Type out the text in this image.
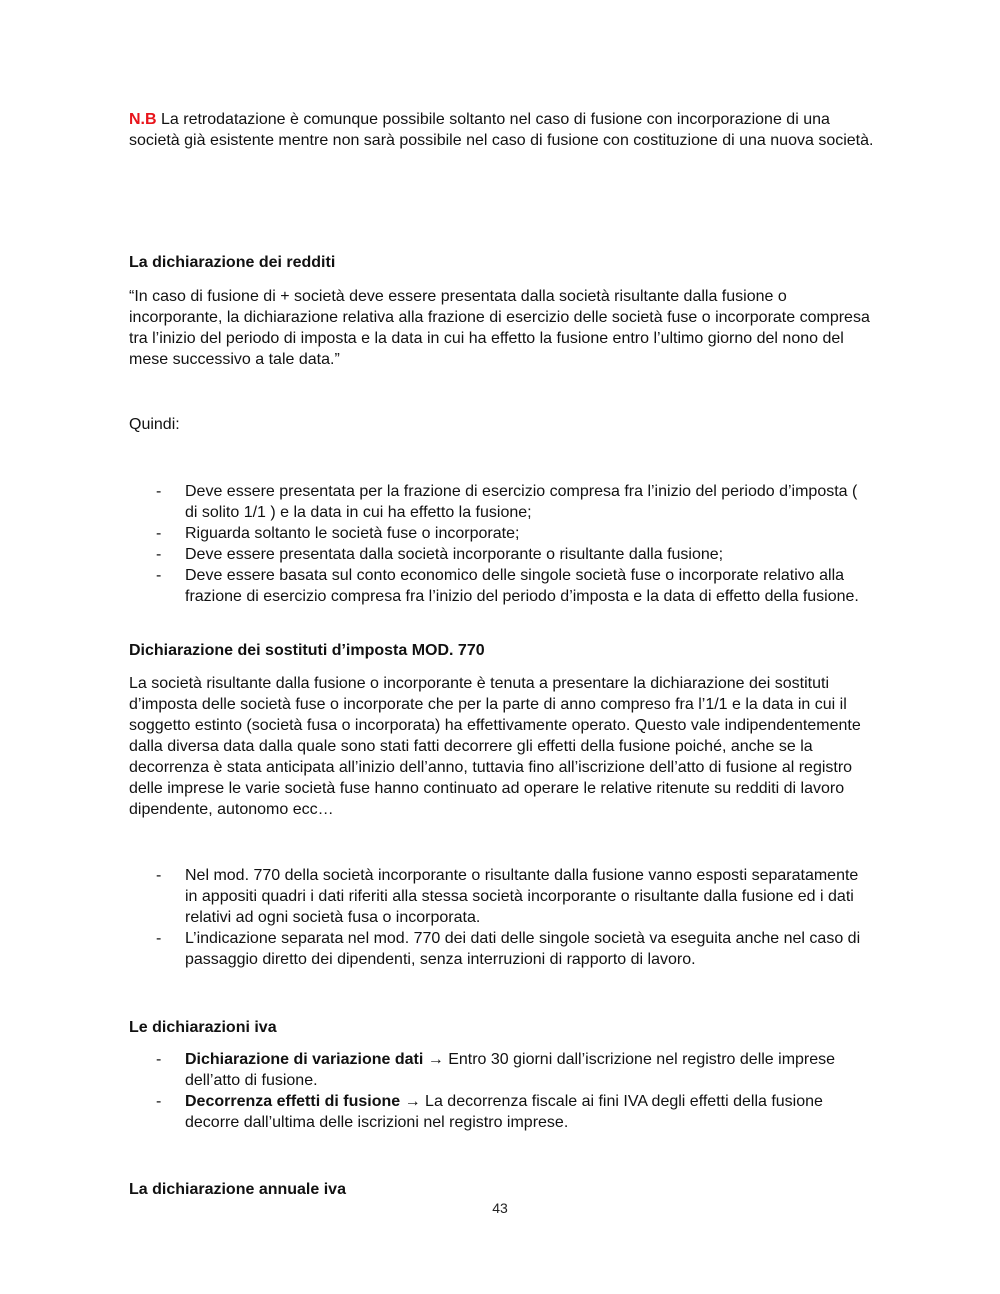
N.B La retrodatazione è comunque possibile soltanto nel caso di fusione con incorporazione di una società già esistente mentre non sarà possibile nel caso di fusione con costituzione di una nuova società.

La dichiarazione dei redditi
“In caso di fusione di + società deve essere presentata dalla società risultante dalla fusione o incorporante, la dichiarazione relativa alla frazione di esercizio delle società fuse o incorporate compresa tra l’inizio del periodo di imposta e la data in cui ha effetto la fusione entro l’ultimo giorno del nono del mese successivo a tale data.”
Quindi:
- Deve essere presentata per la frazione di esercizio compresa fra l’inizio del periodo d’imposta ( di solito 1/1 ) e la data in cui ha effetto la fusione;
- Riguarda soltanto le società fuse o incorporate;
- Deve essere presentata dalla società incorporante o risultante dalla fusione;
- Deve essere basata sul conto economico delle singole società fuse o incorporate relativo alla frazione di esercizio compresa fra l’inizio del periodo d’imposta e la data di effetto della fusione.
Dichiarazione dei sostituti d’imposta MOD. 770
La società risultante dalla fusione o incorporante è tenuta a presentare la dichiarazione dei sostituti d’imposta delle società fuse o incorporate che per la parte di anno compreso fra l’1/1 e la data in cui il soggetto estinto (società fusa o incorporata) ha effettivamente operato. Questo vale indipendentemente dalla diversa data dalla quale sono stati fatti decorrere gli effetti della fusione poiché, anche se la decorrenza è stata anticipata all’inizio dell’anno, tuttavia fino all’iscrizione dell’atto di fusione al registro delle imprese le varie società fuse hanno continuato ad operare le relative ritenute su redditi di lavoro dipendente, autonomo ecc…
- Nel mod. 770 della società incorporante o risultante dalla fusione vanno esposti separatamente in appositi quadri i dati riferiti alla stessa società incorporante o risultante dalla fusione ed i dati relativi ad ogni società fusa o incorporata.
- L’indicazione separata nel mod. 770 dei dati delle singole società va eseguita anche nel caso di passaggio diretto dei dipendenti, senza interruzioni di rapporto di lavoro.
Le dichiarazioni iva
- Dichiarazione di variazione dati → Entro 30 giorni dall’iscrizione nel registro delle imprese dell’atto di fusione.
- Decorrenza effetti di fusione → La decorrenza fiscale ai fini IVA degli effetti della fusione decorre dall’ultima delle iscrizioni nel registro imprese.
La dichiarazione annuale iva
43
